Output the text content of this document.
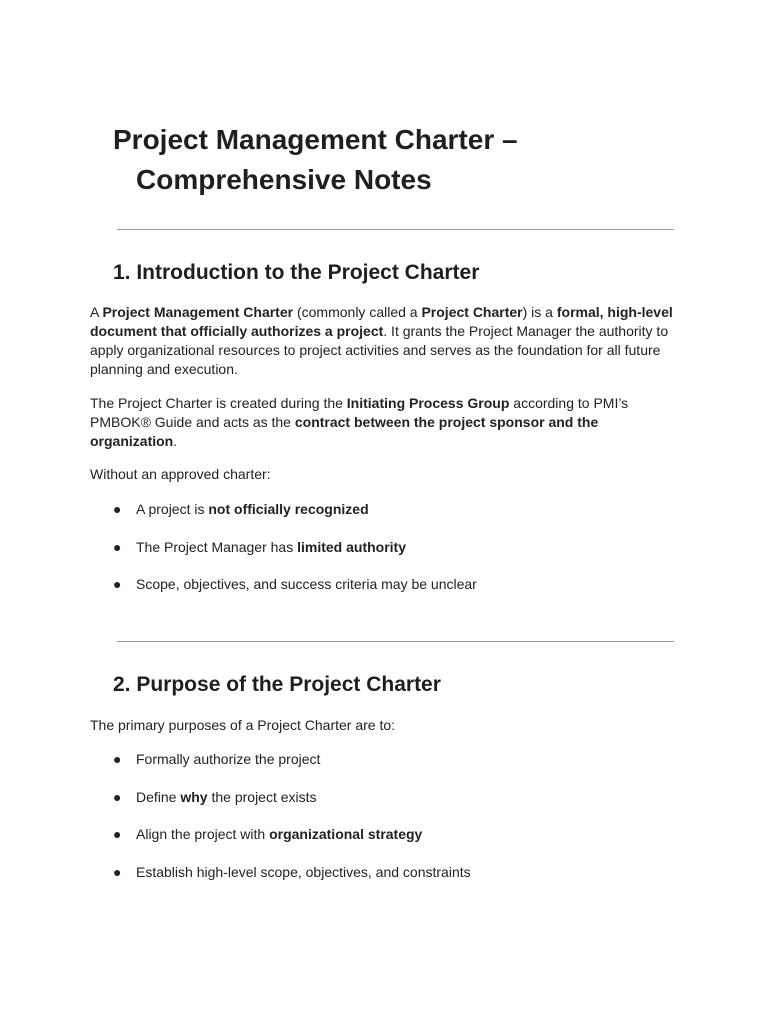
Project Management Charter –
Comprehensive Notes
1. Introduction to the Project Charter

A Project Management Charter (commonly called a Project Charter) is a formal, high-level document that officially authorizes a project. It grants the Project Manager the authority to apply organizational resources to project activities and serves as the foundation for all future planning and execution.

The Project Charter is created during the Initiating Process Group according to PMI’s PMBOK® Guide and acts as the contract between the project sponsor and the organization.

Without an approved charter:

● A project is not officially recognized
● The Project Manager has limited authority
● Scope, objectives, and success criteria may be unclear
2. Purpose of the Project Charter

The primary purposes of a Project Charter are to:

● Formally authorize the project
● Define why the project exists
● Align the project with organizational strategy
● Establish high-level scope, objectives, and constraints
